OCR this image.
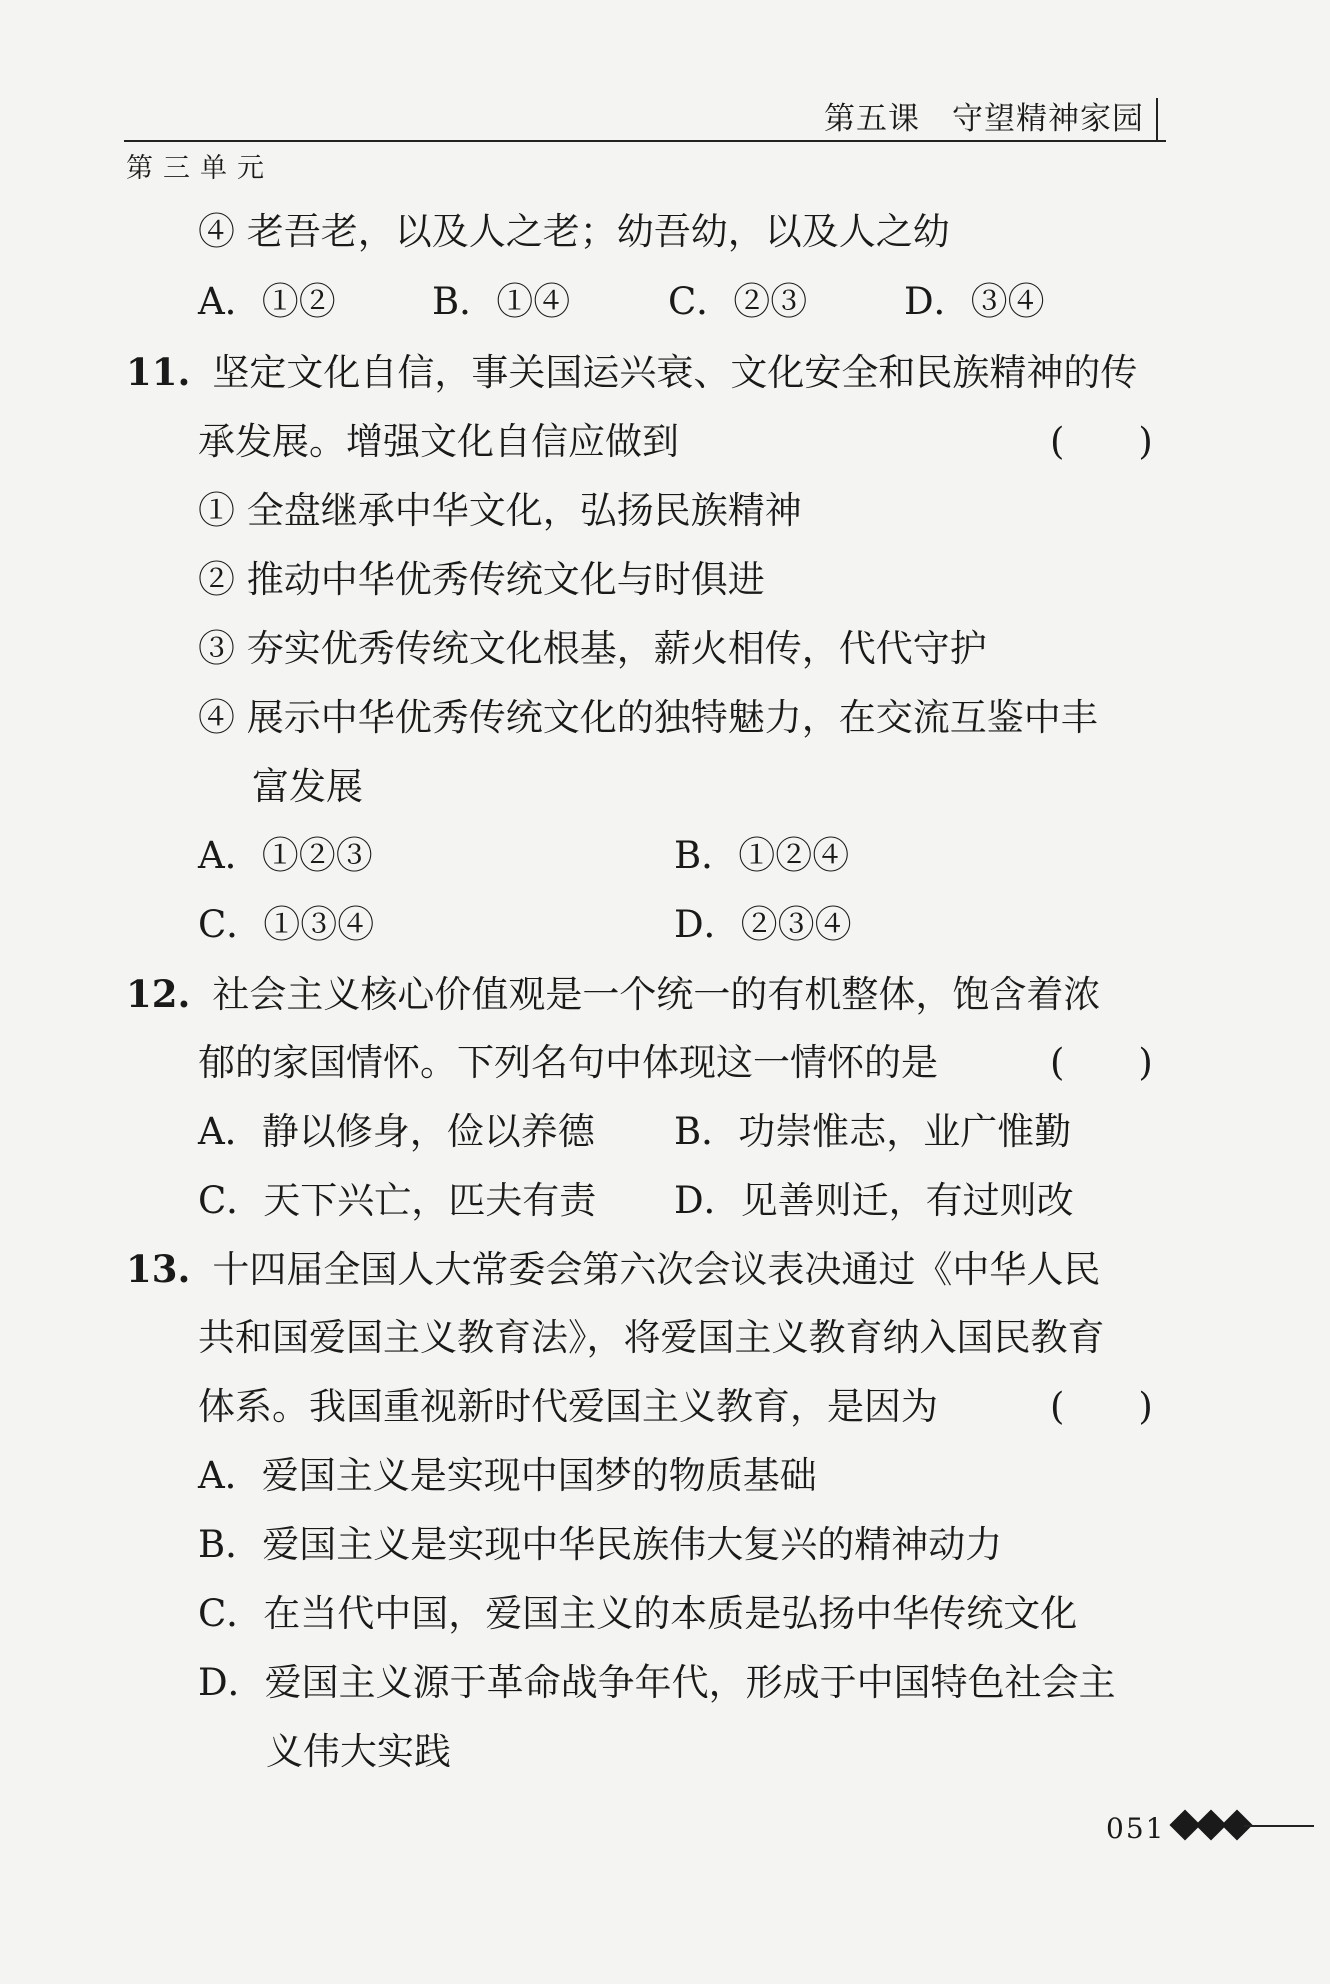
第五课　守望精神家园
第三单元
④ 老吾老，以及人之老；幼吾幼，以及人之幼
A．①②	B．①④	C．②③	D．③④
11. 坚定文化自信，事关国运兴衰、文化安全和民族精神的传
承发展。增强文化自信应做到	(　　)
① 全盘继承中华文化，弘扬民族精神
② 推动中华优秀传统文化与时俱进
③ 夯实优秀传统文化根基，薪火相传，代代守护
④ 展示中华优秀传统文化的独特魅力，在交流互鉴中丰
富发展
A．①②③	B．①②④
C．①③④	D．②③④
12. 社会主义核心价值观是一个统一的有机整体，饱含着浓
郁的家国情怀。下列名句中体现这一情怀的是	(　　)
A．静以修身，俭以养德 B．功崇惟志，业广惟勤
C．天下兴亡，匹夫有责 D．见善则迁，有过则改
13. 十四届全国人大常委会第六次会议表决通过《中华人民
共和国爱国主义教育法》，将爱国主义教育纳入国民教育
体系。我国重视新时代爱国主义教育，是因为	(　　)
A．爱国主义是实现中国梦的物质基础
B．爱国主义是实现中华民族伟大复兴的精神动力
C．在当代中国，爱国主义的本质是弘扬中华传统文化
D．爱国主义源于革命战争年代，形成于中国特色社会主
义伟大实践
051
